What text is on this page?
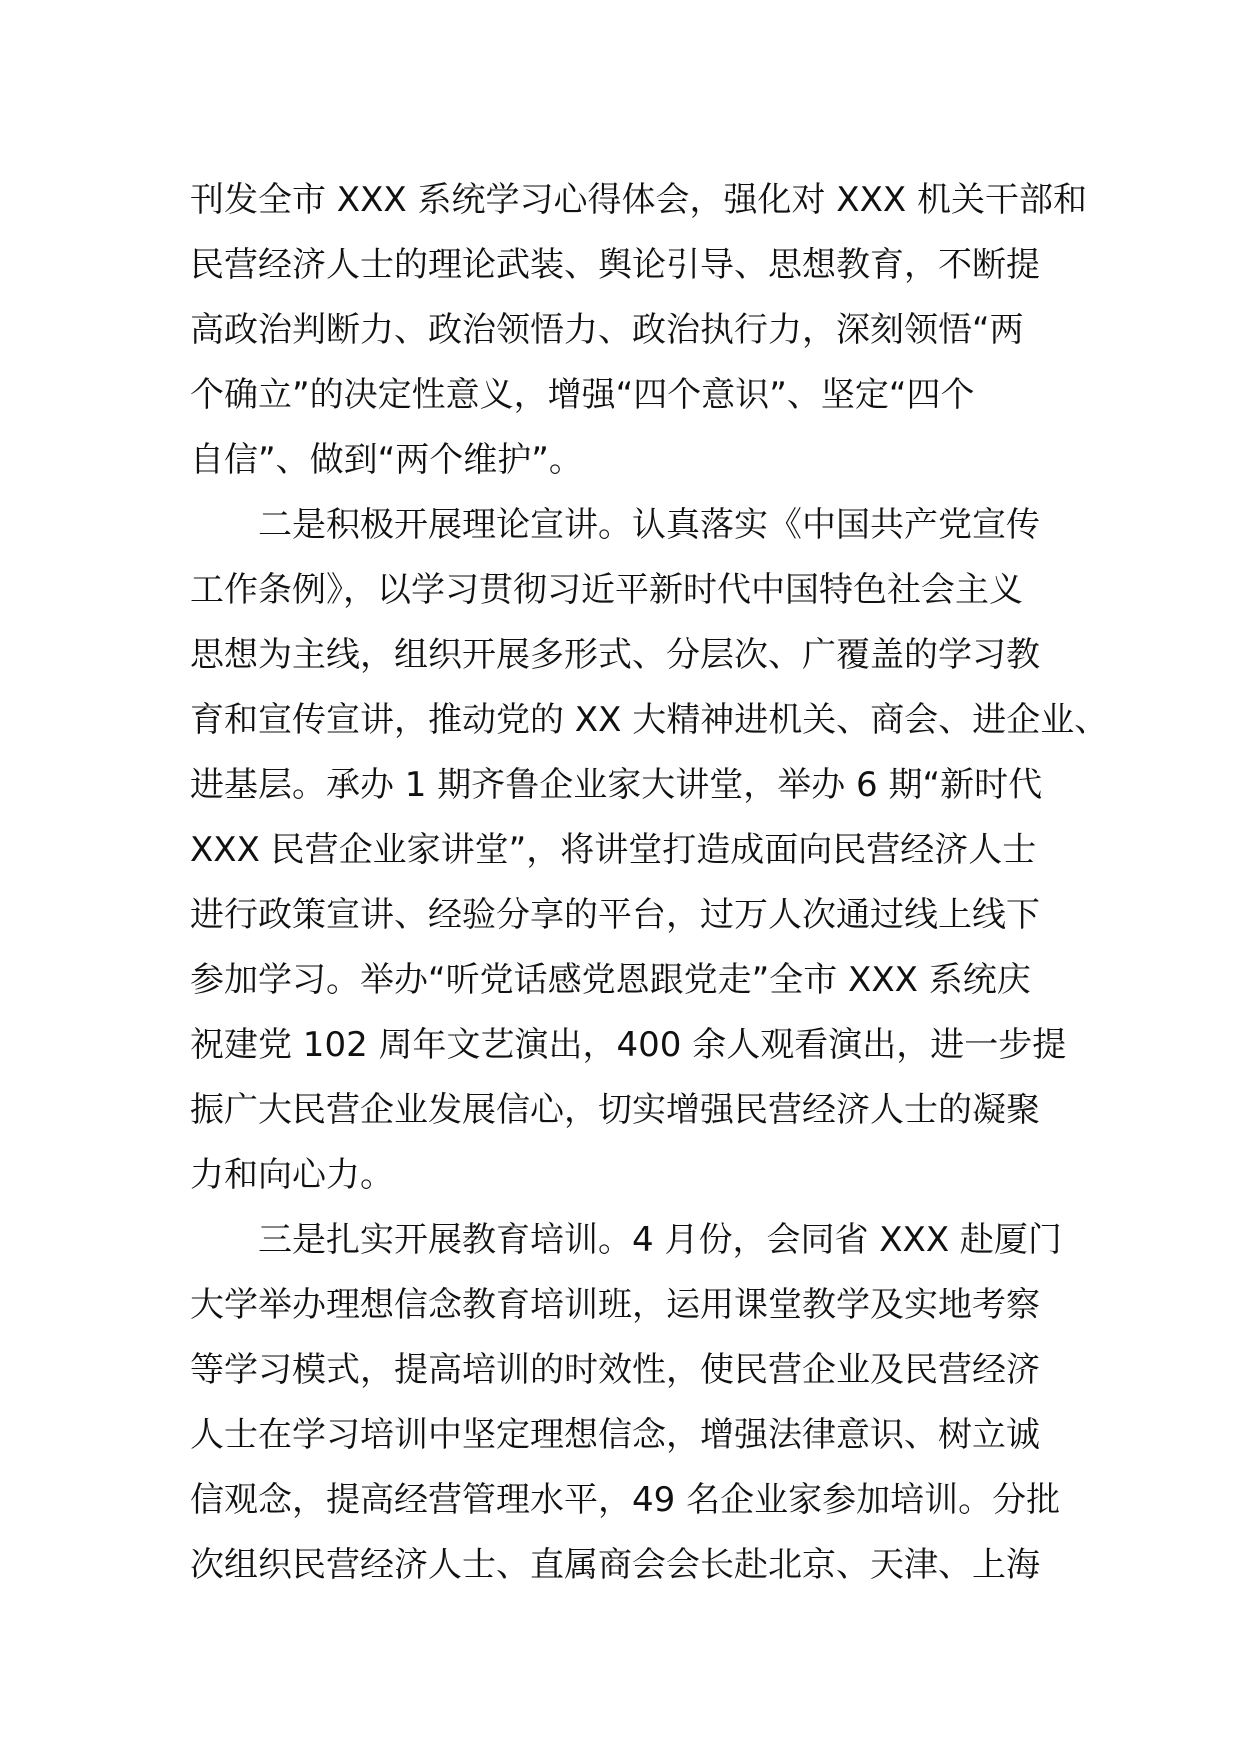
刊发全市 XXX 系统学习心得体会，强化对 XXX 机关干部和
民营经济人士的理论武装、舆论引导、思想教育，不断提
高政治判断力、政治领悟力、政治执行力，深刻领悟“两
个确立”的决定性意义，增强“四个意识”、坚定“四个
自信”、做到“两个维护”。
二是积极开展理论宣讲。认真落实《中国共产党宣传
工作条例》，以学习贯彻习近平新时代中国特色社会主义
思想为主线，组织开展多形式、分层次、广覆盖的学习教
育和宣传宣讲，推动党的 XX 大精神进机关、商会、进企业、
进基层。承办 1 期齐鲁企业家大讲堂，举办 6 期“新时代
XXX 民营企业家讲堂”，将讲堂打造成面向民营经济人士
进行政策宣讲、经验分享的平台，过万人次通过线上线下
参加学习。举办“听党话感党恩跟党走”全市 XXX 系统庆
祝建党 102 周年文艺演出，400 余人观看演出，进一步提
振广大民营企业发展信心，切实增强民营经济人士的凝聚
力和向心力。
三是扎实开展教育培训。4 月份，会同省 XXX 赴厦门
大学举办理想信念教育培训班，运用课堂教学及实地考察
等学习模式，提高培训的时效性，使民营企业及民营经济
人士在学习培训中坚定理想信念，增强法律意识、树立诚
信观念，提高经营管理水平，49 名企业家参加培训。分批
次组织民营经济人士、直属商会会长赴北京、天津、上海
